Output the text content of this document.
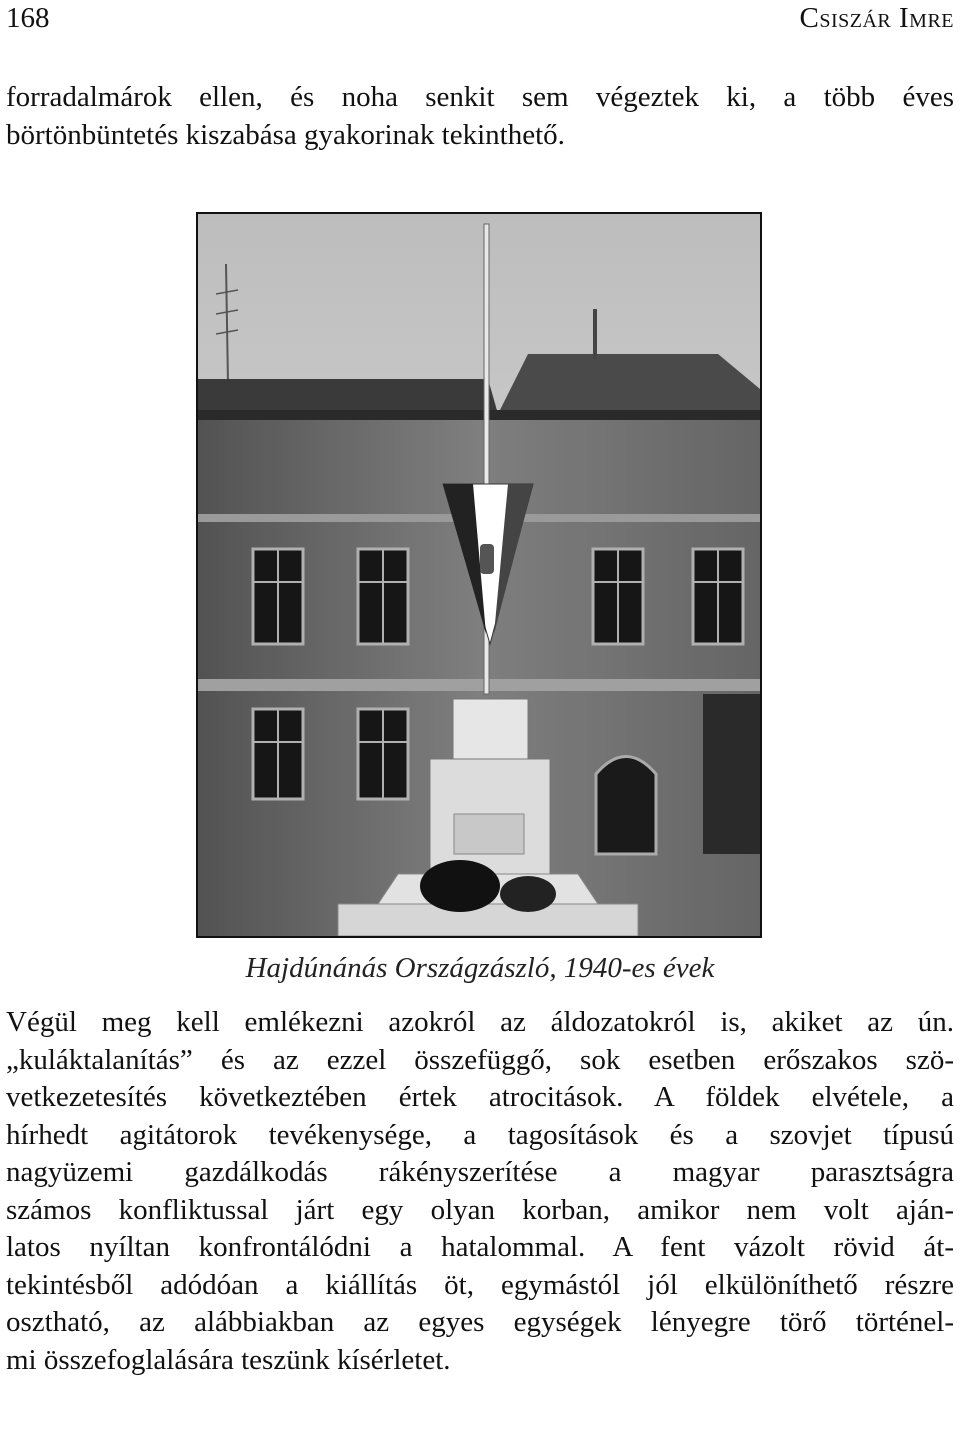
168	Csiszár Imre
forradalmárok ellen, és noha senkit sem végeztek ki, a több éves
börtönbüntetés kiszabása gyakorinak tekinthető.
Hajdúnánás Országzászló, 1940-es évek
Végül meg kell emlékezni azokról az áldozatokról is, akiket az ún.
„kuláktalanítás” és az ezzel összefüggő, sok esetben erőszakos szö-
vetkezetesítés következtében értek atrocitások. A földek elvétele, a
hírhedt agitátorok tevékenysége, a tagosítások és a szovjet típusú
nagyüzemi gazdálkodás rákényszerítése a magyar parasztságra
számos konfliktussal járt egy olyan korban, amikor nem volt aján-
latos nyíltan konfrontálódni a hatalommal. A fent vázolt rövid át-
tekintésből adódóan a kiállítás öt, egymástól jól elkülöníthető részre
osztható, az alábbiakban az egyes egységek lényegre törő történel-
mi összefoglalására teszünk kísérletet.
